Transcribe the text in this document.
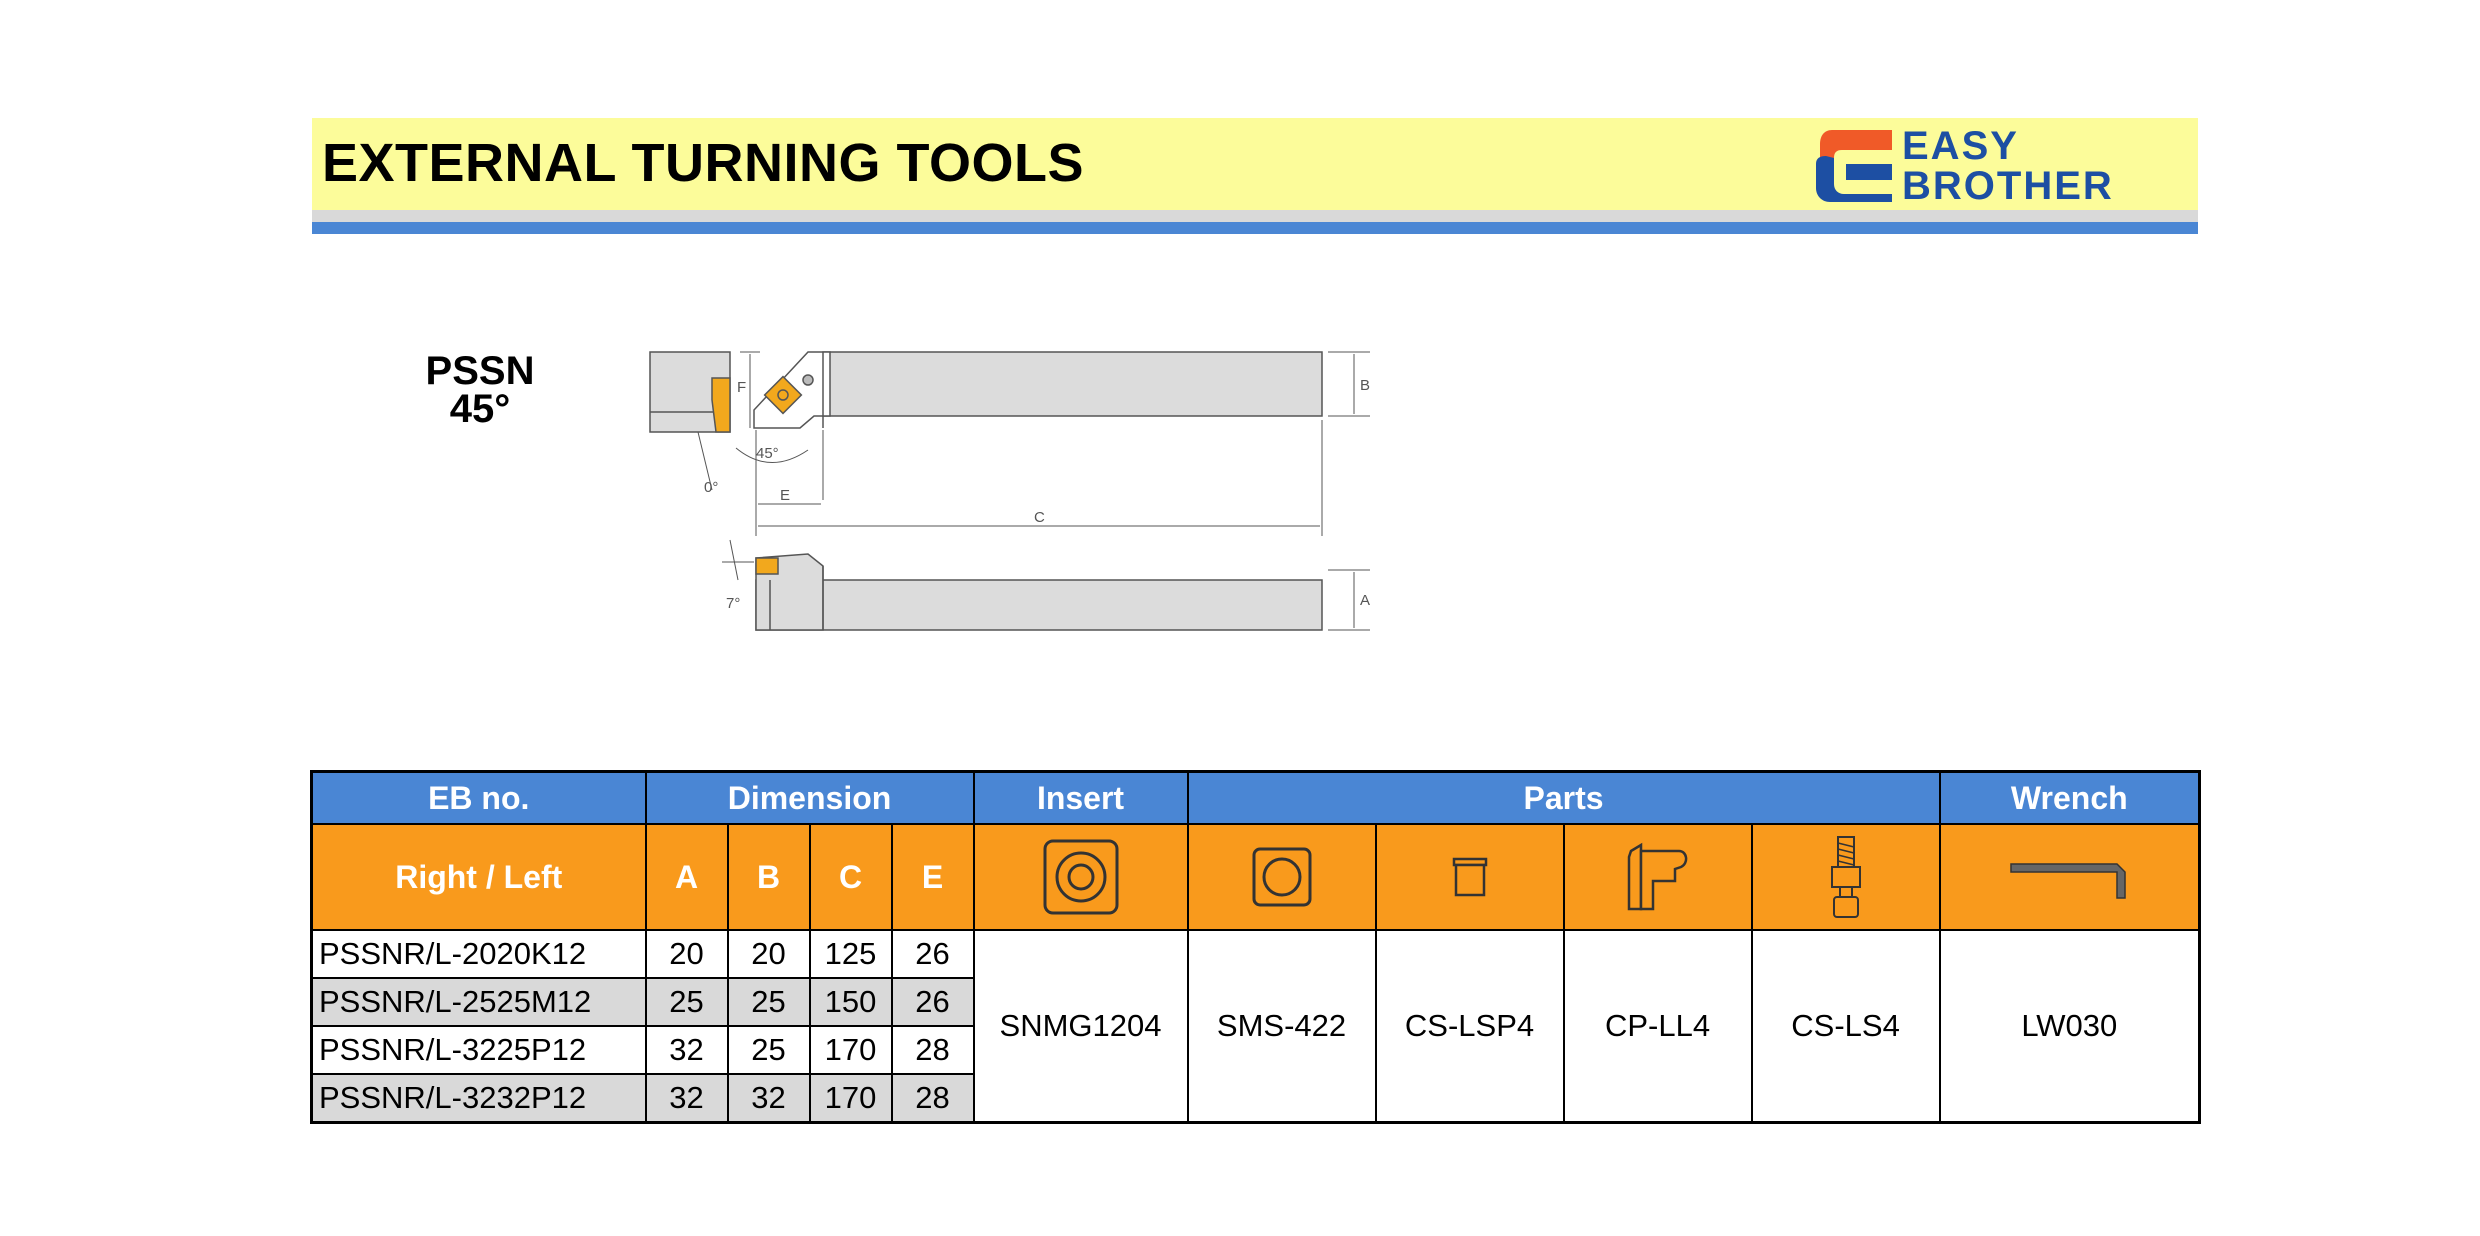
EXTERNAL TURNING TOOLS	EASY
BROTHER
PSSN
45°
0°
F	B
45°
E
C
7°	A
EB no.	Dimension				Insert	Parts				Wrench
Right / Left	A	B	C	E						
PSSNR/L-2020K12	20	20	125	26	SNMG1204	SMS-422	CS-LSP4	CP-LL4	CS-LS4	LW030
PSSNR/L-2525M12	25	25	150	26						
PSSNR/L-3225P12	32	25	170	28						
PSSNR/L-3232P12	32	32	170	28						
